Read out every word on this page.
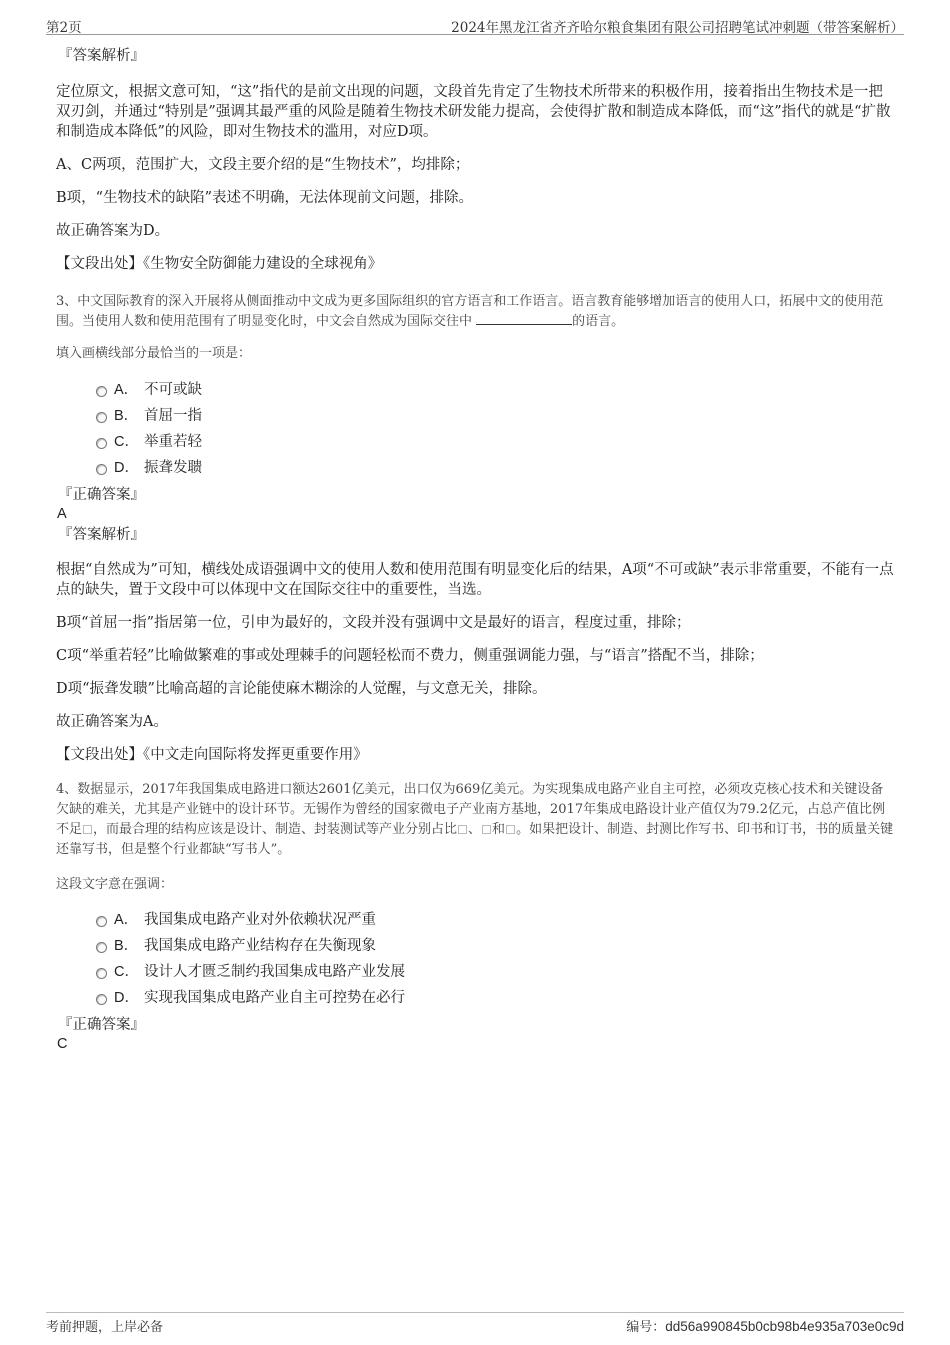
第2页	2024年黑龙江省齐齐哈尔粮食集团有限公司招聘笔试冲刺题（带答案解析）

『答案解析』

定位原文，根据文意可知，“这”指代的是前文出现的问题，文段首先肯定了生物技术所带来的积极作用，接着指出生物技术是一把双刃剑，并通过“特别是”强调其最严重的风险是随着生物技术研发能力提高，会使得扩散和制造成本降低，而“这”指代的就是“扩散和制造成本降低”的风险，即对生物技术的滥用，对应D项。

A、C两项，范围扩大，文段主要介绍的是“生物技术”，均排除；

B项，“生物技术的缺陷”表述不明确，无法体现前文问题，排除。

故正确答案为D。

【文段出处】《生物安全防御能力建设的全球视角》

3、中文国际教育的深入开展将从侧面推动中文成为更多国际组织的官方语言和工作语言。语言教育能够增加语言的使用人口，拓展中文的使用范围。当使用人数和使用范围有了明显变化时，中文会自然成为国际交往中	的语言。

填入画横线部分最恰当的一项是：

A． 不可或缺
B． 首屈一指
C． 举重若轻
D． 振聋发聩

『正确答案』

A

『答案解析』

根据“自然成为”可知，横线处成语强调中文的使用人数和使用范围有明显变化后的结果，A项“不可或缺”表示非常重要，不能有一点点的缺失，置于文段中可以体现中文在国际交往中的重要性，当选。

B项“首屈一指”指居第一位，引申为最好的，文段并没有强调中文是最好的语言，程度过重，排除；

C项“举重若轻”比喻做繁难的事或处理棘手的问题轻松而不费力，侧重强调能力强，与“语言”搭配不当，排除；

D项“振聋发聩”比喻高超的言论能使麻木糊涂的人觉醒，与文意无关，排除。

故正确答案为A。

【文段出处】《中文走向国际将发挥更重要作用》

4、数据显示，2017年我国集成电路进口额达2601亿美元，出口仅为669亿美元。为实现集成电路产业自主可控，必须攻克核心技术和关键设备欠缺的难关，尤其是产业链中的设计环节。无锡作为曾经的国家微电子产业南方基地，2017年集成电路设计业产值仅为79.2亿元，占总产值比例不足 ，而最合理的结构应该是设计、制造、封装测试等产业分别占比 、 和 。如果把设计、制造、封测比作写书、印书和订书，书的质量关键还靠写书，但是整个行业都缺“写书人”。

这段文字意在强调：

A． 我国集成电路产业对外依赖状况严重
B． 我国集成电路产业结构存在失衡现象
C． 设计人才匮乏制约我国集成电路产业发展
D． 实现我国集成电路产业自主可控势在必行

『正确答案』

C
考前押题，上岸必备	编号：dd56a990845b0cb98b4e935a703e0c9d
